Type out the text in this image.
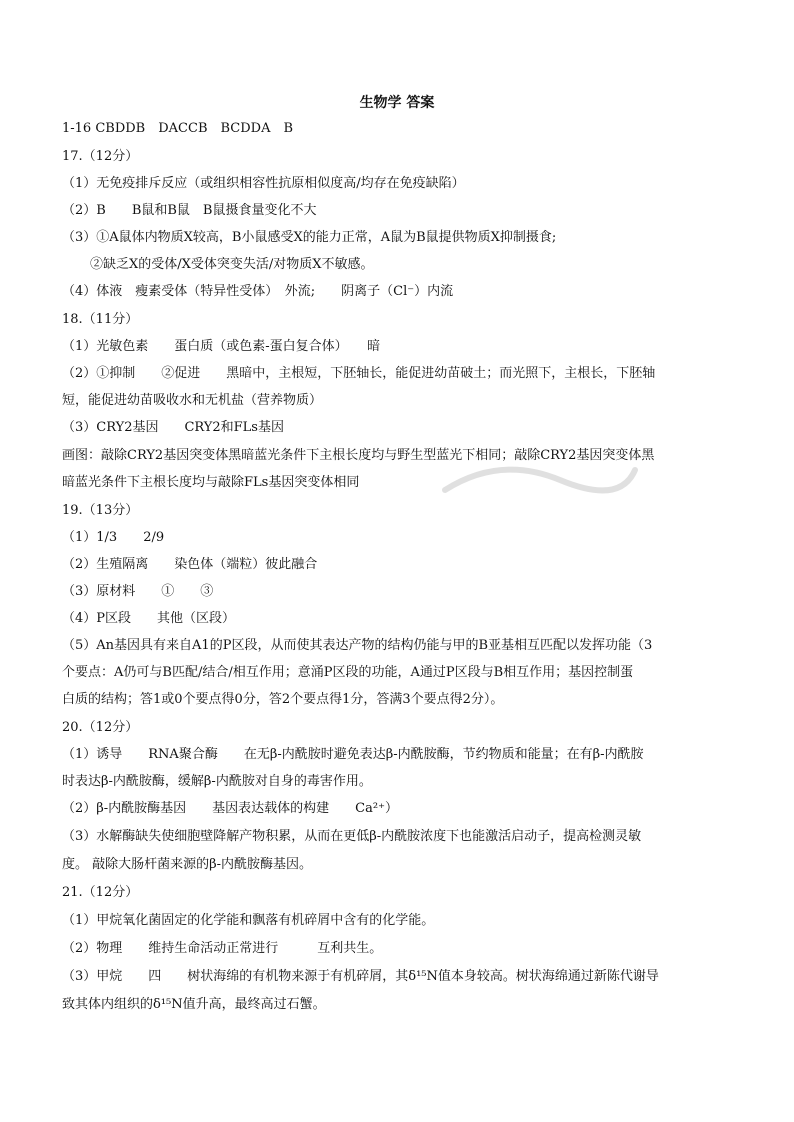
生物学 答案
1-16 CBDDB　DACCB　BCDDA　B
17.（12分）
（1）无免疫排斥反应（或组织相容性抗原相似度高/均存在免疫缺陷）
（2）B　　B鼠和B鼠　B鼠摄食量变化不大
（3）①A鼠体内物质X较高，B小鼠感受X的能力正常，A鼠为B鼠提供物质X抑制摄食;
②缺乏X的受体/X受体突变失活/对物质X不敏感。
（4）体液　瘦素受体（特异性受体）　外流;　　阴离子（Cl⁻）内流
18.（11分）
（1）光敏色素　　蛋白质（或色素-蛋白复合体）　　暗
（2）①抑制　　②促进　　黑暗中，主根短，下胚轴长，能促进幼苗破土；而光照下，主根长，下胚轴
短，能促进幼苗吸收水和无机盐（营养物质）
（3）CRY2基因　　CRY2和FLs基因
画图：敲除CRY2基因突变体黑暗蓝光条件下主根长度均与野生型蓝光下相同；敲除CRY2基因突变体黑
暗蓝光条件下主根长度均与敲除FLs基因突变体相同
19.（13分）
（1）1/3　　2/9
（2）生殖隔离　　染色体（端粒）彼此融合
（3）原材料　　①　　③
（4）P区段　　其他（区段）
（5）An基因具有来自A1的P区段，从而使其表达产物的结构仍能与甲的B亚基相互匹配以发挥功能（3
个要点：A仍可与B匹配/结合/相互作用；意涌P区段的功能，A通过P区段与B相互作用；基因控制蛋
白质的结构；答1或0个要点得0分，答2个要点得1分，答满3个要点得2分）。
20.（12分）
（1）诱导　　RNA聚合酶　　在无β-内酰胺时避免表达β-内酰胺酶，节约物质和能量；在有β-内酰胺
时表达β-内酰胺酶，缓解β-内酰胺对自身的毒害作用。
（2）β-内酰胺酶基因　　基因表达载体的构建　　Ca²⁺）
（3）水解酶缺失使细胞壁降解产物积累，从而在更低β-内酰胺浓度下也能激活启动子，提高检测灵敏
度。 敲除大肠杆菌来源的β-内酰胺酶基因。
21.（12分）
（1）甲烷氧化菌固定的化学能和飘落有机碎屑中含有的化学能。
（2）物理　　维持生命活动正常进行　　　互利共生。
（3）甲烷　　四　　树状海绵的有机物来源于有机碎屑，其δ¹⁵N值本身较高。树状海绵通过新陈代谢导
致其体内组织的δ¹⁵N值升高，最终高过石蟹。
